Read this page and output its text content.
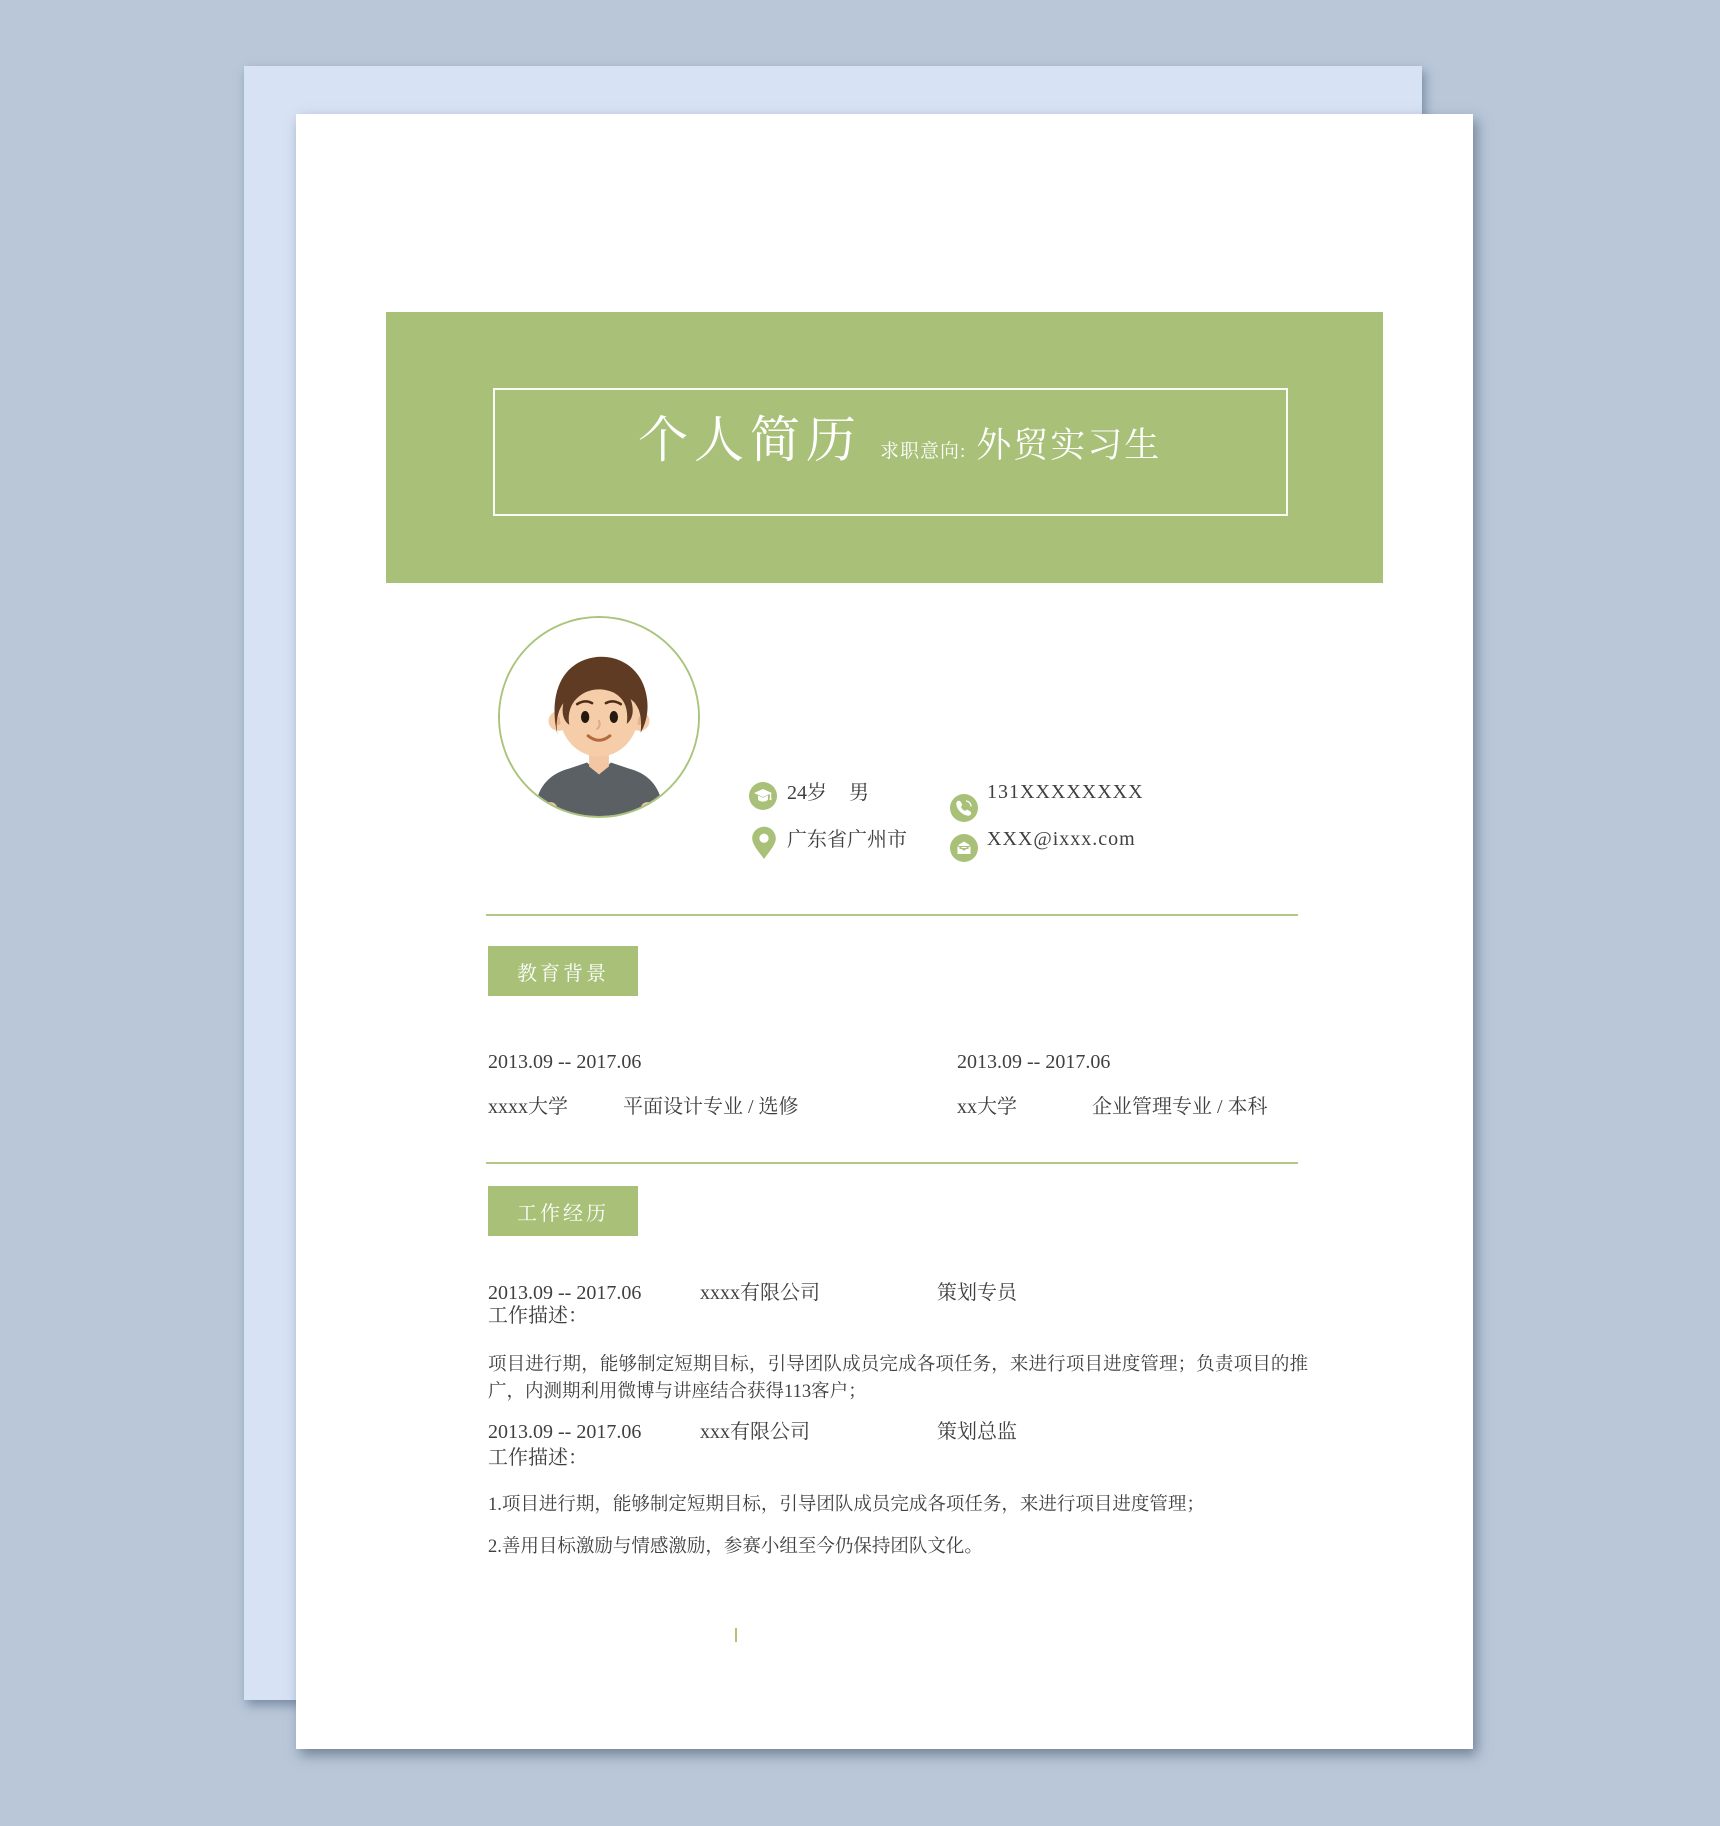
个人简历 求职意向: 外贸实习生
24岁 男	131XXXXXXXX
广东省广州市	XXX@ixxx.com
教育背景
2013.09 -- 2017.06	2013.09 -- 2017.06
xxxx大学	平面设计专业 / 选修	xx大学	企业管理专业 / 本科
工作经历
2013.09 -- 2017.06	xxxx有限公司	策划专员
工作描述：
项目进行期，能够制定短期目标，引导团队成员完成各项任务，来进行项目进度管理；负责项目的推广，内测期利用微博与讲座结合获得113客户；
2013.09 -- 2017.06	xxx有限公司	策划总监
工作描述：
1.项目进行期，能够制定短期目标，引导团队成员完成各项任务，来进行项目进度管理；
2.善用目标激励与情感激励，参赛小组至今仍保持团队文化。
